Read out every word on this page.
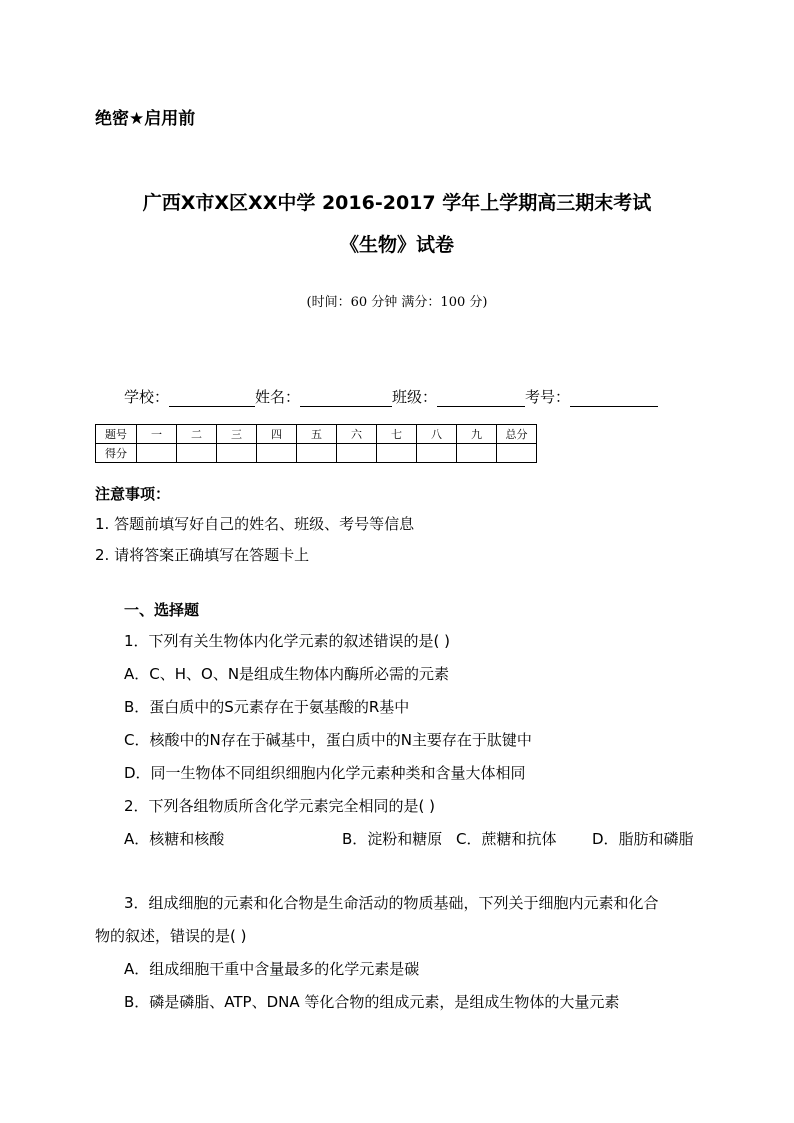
绝密★启用前
广西X市X区XX中学 2016-2017 学年上学期高三期末考试
《生物》试卷
(时间：60 分钟 满分：100 分)
学校：	姓名：	班级：	考号：
题号	一	二	三	四	五	六	七	八	九	总分
得分										
注意事项：
1. 答题前填写好自己的姓名、班级、考号等信息
2. 请将答案正确填写在答题卡上
一、选择题
1．下列有关生物体内化学元素的叙述错误的是( )
A．C、H、O、N是组成生物体内酶所必需的元素
B．蛋白质中的S元素存在于氨基酸的R基中
C．核酸中的N存在于碱基中，蛋白质中的N主要存在于肽键中
D．同一生物体不同组织细胞内化学元素种类和含量大体相同
2．下列各组物质所含化学元素完全相同的是( )
A．核糖和核酸	B．淀粉和糖原 C．蔗糖和抗体 D．脂肪和磷脂
3．组成细胞的元素和化合物是生命活动的物质基础，下列关于细胞内元素和化合
物的叙述，错误的是( )
A．组成细胞干重中含量最多的化学元素是碳
B．磷是磷脂、ATP、DNA 等化合物的组成元素，是组成生物体的大量元素
